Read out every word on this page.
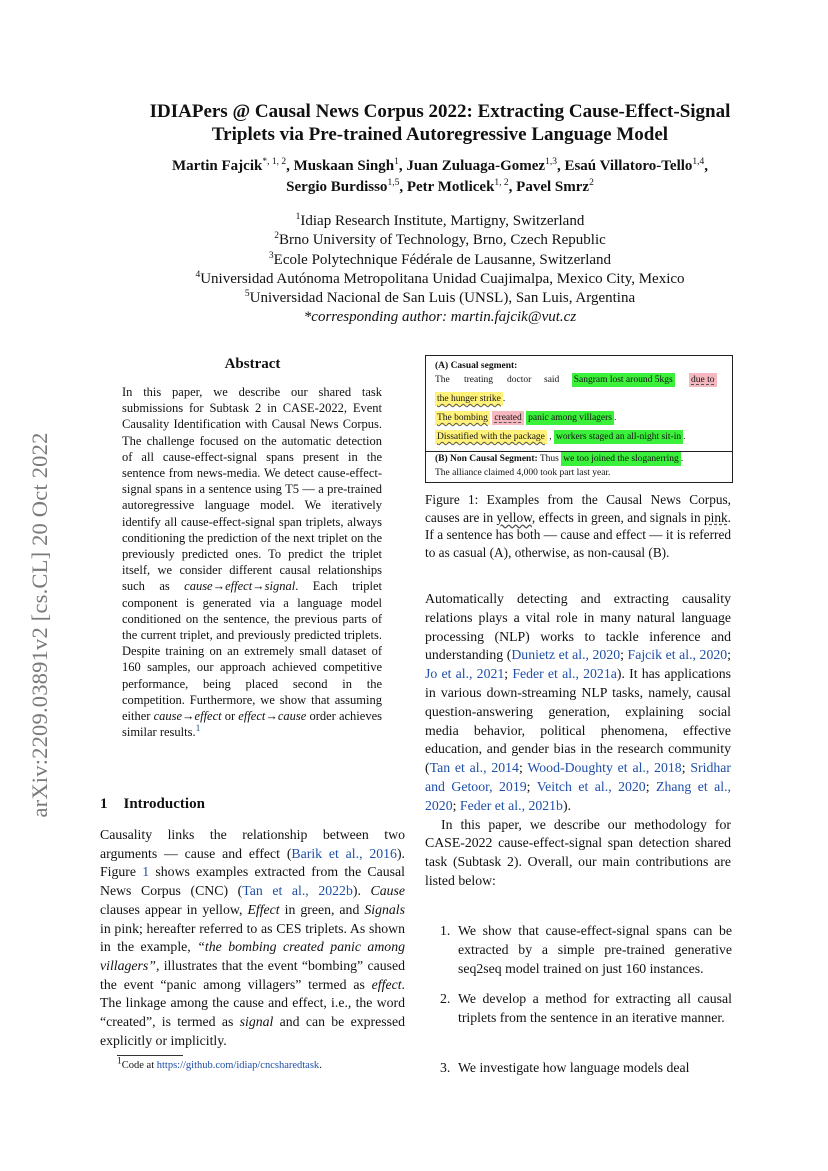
arXiv:2209.03891v2 [cs.CL] 20 Oct 2022
IDIAPers @ Causal News Corpus 2022: Extracting Cause-Effect-Signal
Triplets via Pre-trained Autoregressive Language Model
Martin Fajcik$^{*, 1, 2}$, Muskaan Singh$^1$, Juan Zuluaga-Gomez$^{1,3}$, Esaú Villatoro-Tello$^{1,4}$,
Sergio Burdisso$^{1,5}$, Petr Motlicek$^{1, 2}$, Pavel Smrz$^2$
$^1$Idiap Research Institute, Martigny, Switzerland
$^2$Brno University of Technology, Brno, Czech Republic
$^3$Ecole Polytechnique Fédérale de Lausanne, Switzerland
$^4$Universidad Autónoma Metropolitana Unidad Cuajimalpa, Mexico City, Mexico
$^5$Universidad Nacional de San Luis (UNSL), San Luis, Argentina
*corresponding author: martin.fajcik@vut.cz
Abstract
In this paper, we describe our shared task submissions for Subtask 2 in CASE-2022, Event Causality Identification with Causal News Corpus. The challenge focused on the automatic detection of all cause-effect-signal spans present in the sentence from news-media. We detect cause-effect-signal spans in a sentence using T5 — a pre-trained autoregressive language model. We iteratively identify all cause-effect-signal span triplets, always conditioning the prediction of the next triplet on the previously predicted ones. To predict the triplet itself, we consider different causal relationships such as cause→effect→signal. Each triplet component is generated via a language model conditioned on the sentence, the previous parts of the current triplet, and previously predicted triplets. Despite training on an extremely small dataset of 160 samples, our approach achieved competitive performance, being placed second in the competition. Furthermore, we show that assuming either cause→effect or effect→cause order achieves similar results.$^1$
1 Introduction
Causality links the relationship between two arguments — cause and effect (Barik et al., 2016). Figure 1 shows examples extracted from the Causal News Corpus (CNC) (Tan et al., 2022b). Cause clauses appear in yellow, Effect in green, and Signals in pink; hereafter referred to as CES triplets. As shown in the example, “the bombing created panic among villagers”, illustrates that the event “bombing” caused the event “panic among villagers” termed as effect. The linkage among the cause and effect, i.e., the word “created”, is termed as signal and can be expressed explicitly or implicitly.
$^1$Code at https://github.com/idiap/cncsharedtask.
(A) Casual segment:
The treating doctor said Sangram lost around 5kgs due to
the hunger strike .
The bombing created panic among villagers .
Dissatified with the package , workers staged an all-night sit-in .
(B) Non Causal Segment: Thus we too joined the sloganerring .
The alliance claimed 4,000 took part last year.
Figure 1: Examples from the Causal News Corpus, causes are in yellow, effects in green, and signals in pink. If a sentence has both — cause and effect — it is referred to as casual (A), otherwise, as non-causal (B).

Automatically detecting and extracting causality relations plays a vital role in many natural language processing (NLP) works to tackle inference and understanding (Dunietz et al., 2020; Fajcik et al., 2020; Jo et al., 2021; Feder et al., 2021a). It has applications in various down-streaming NLP tasks, namely, causal question-answering generation, explaining social media behavior, political phenomena, effective education, and gender bias in the research community (Tan et al., 2014; Wood-Doughty et al., 2018; Sridhar and Getoor, 2019; Veitch et al., 2020; Zhang et al., 2020; Feder et al., 2021b).

In this paper, we describe our methodology for CASE-2022 cause-effect-signal span detection shared task (Subtask 2). Overall, our main contributions are listed below:

1. We show that cause-effect-signal spans can be extracted by a simple pre-trained generative seq2seq model trained on just 160 instances.
2. We develop a method for extracting all causal triplets from the sentence in an iterative manner.
3. We investigate how language models deal
